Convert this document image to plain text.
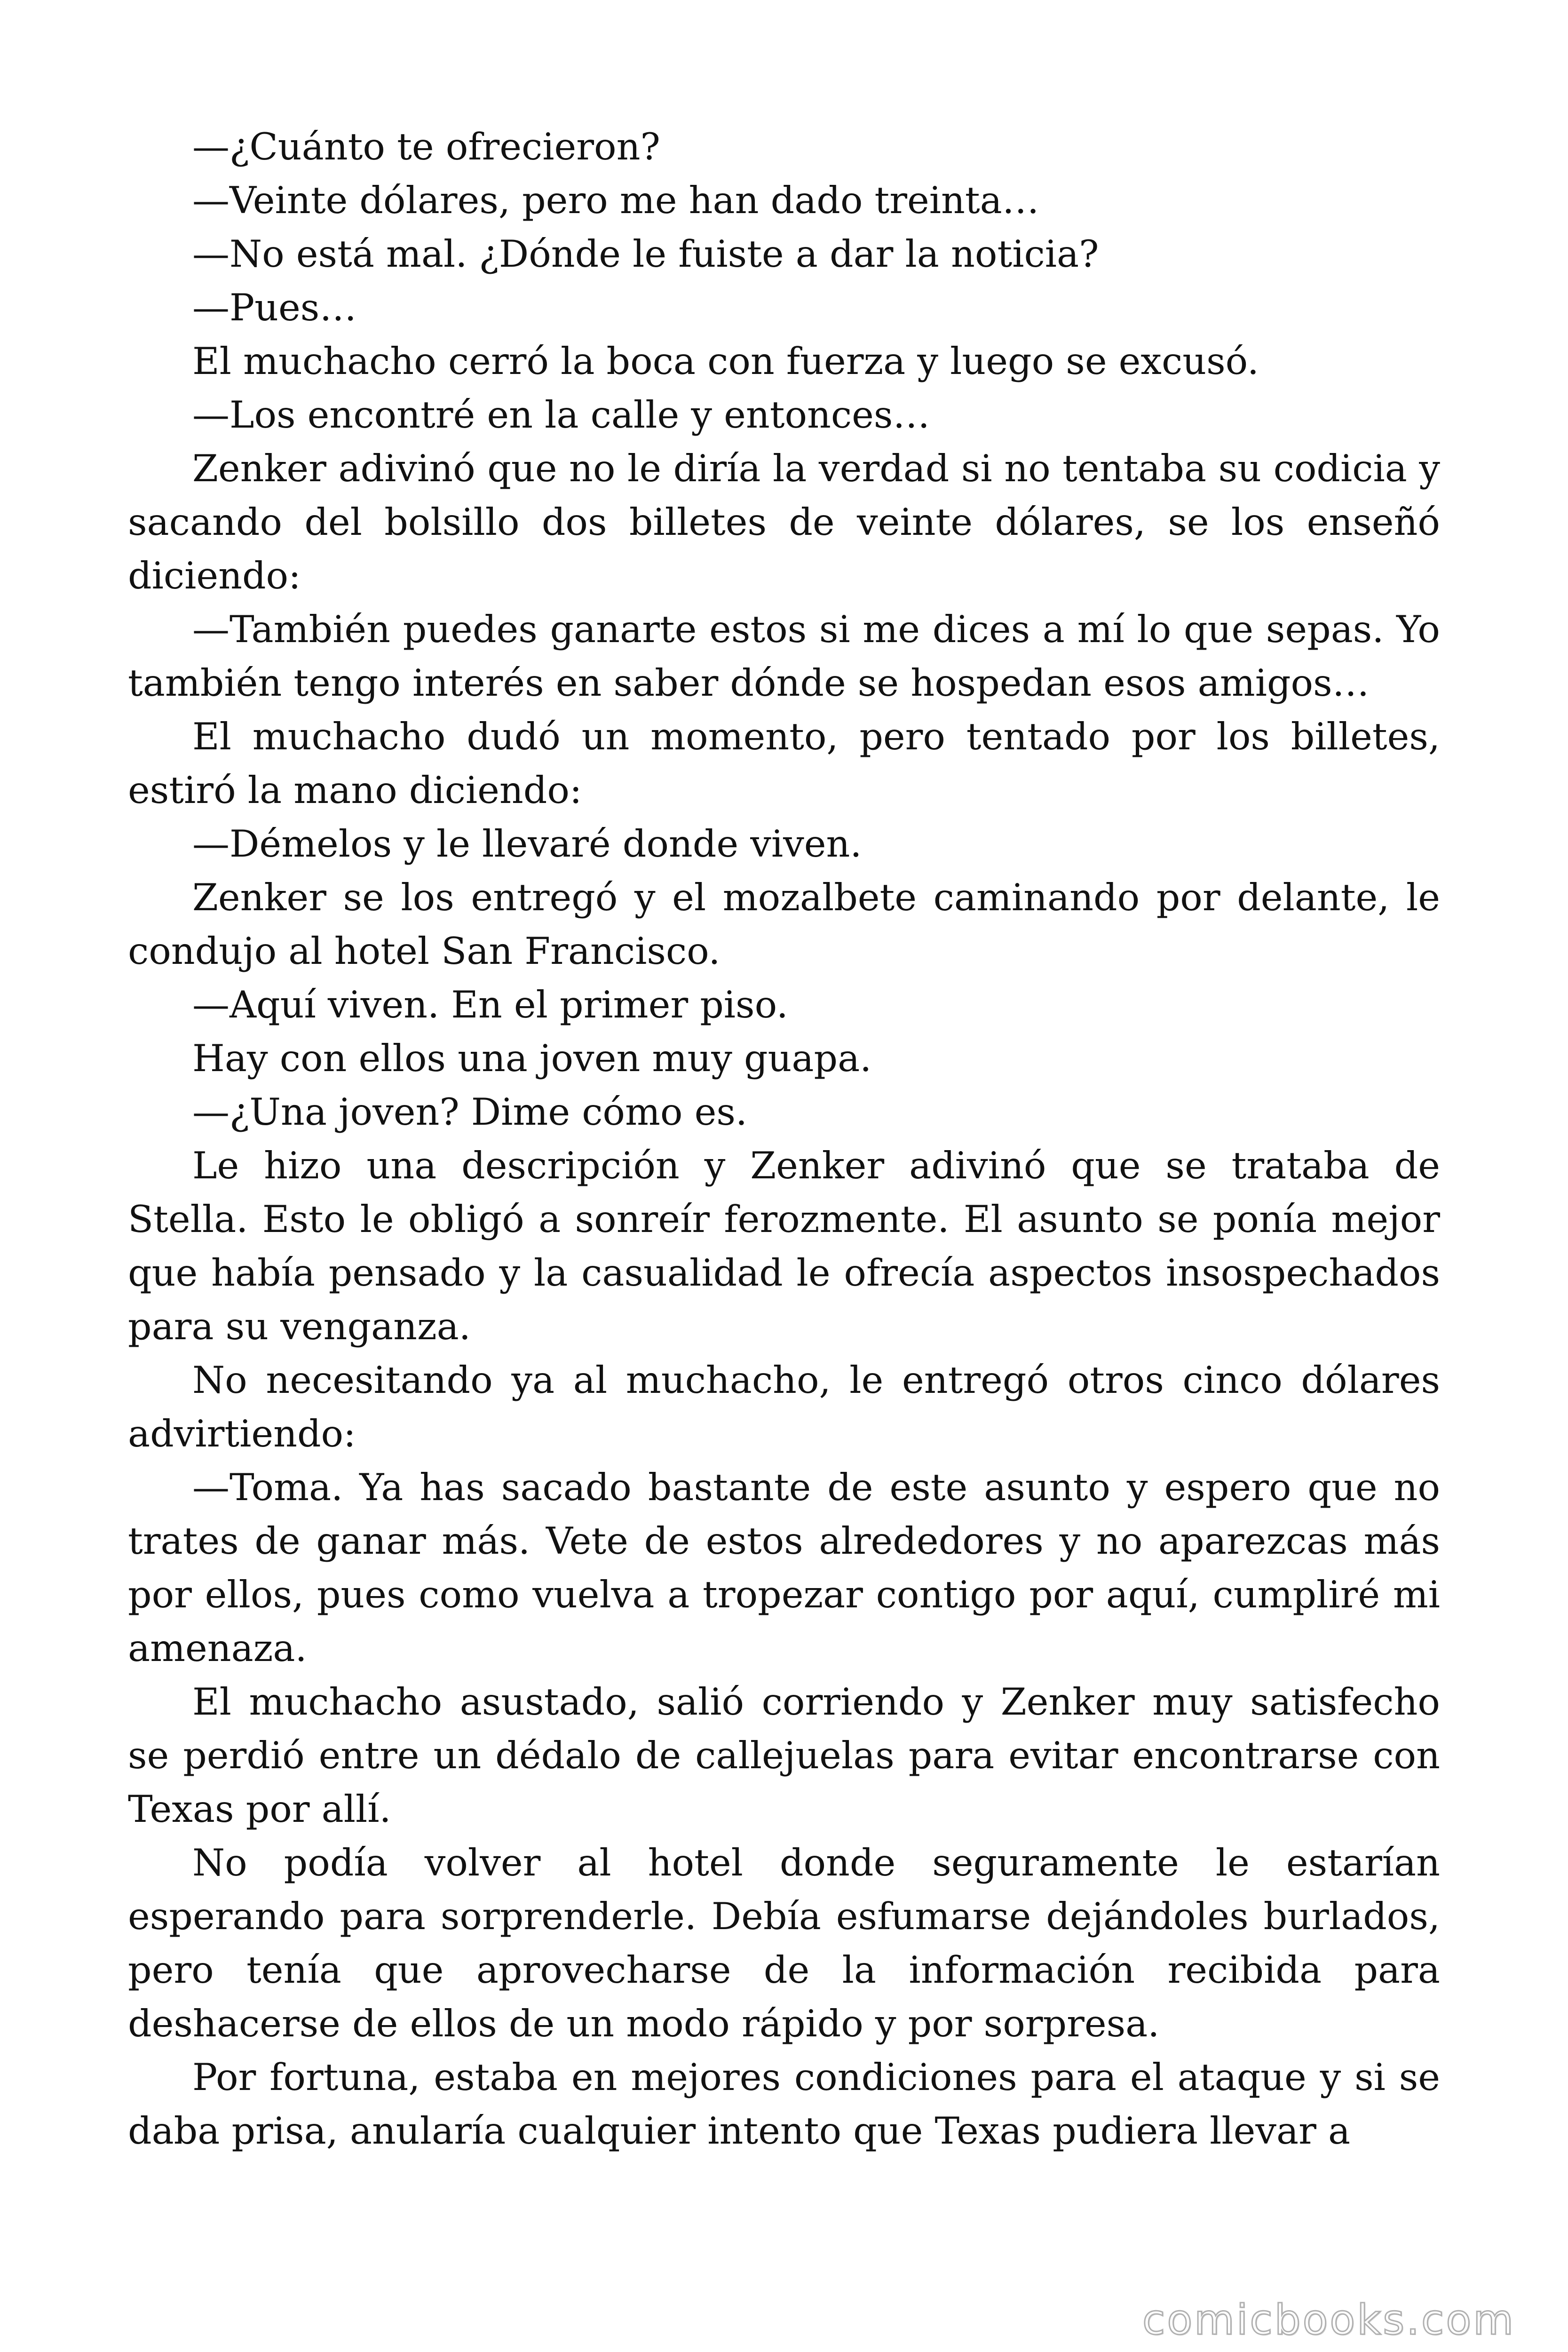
—¿Cuánto te ofrecieron?

—Veinte dólares, pero me han dado treinta…

—No está mal. ¿Dónde le fuiste a dar la noticia?

—Pues…

El muchacho cerró la boca con fuerza y luego se excusó.

—Los encontré en la calle y entonces…

Zenker adivinó que no le diría la verdad si no tentaba su codicia y sacando del bolsillo dos billetes de veinte dólares, se los enseñó diciendo:

—También puedes ganarte estos si me dices a mí lo que sepas. Yo también tengo interés en saber dónde se hospedan esos amigos…

El muchacho dudó un momento, pero tentado por los billetes, estiró la mano diciendo:

—Démelos y le llevaré donde viven.

Zenker se los entregó y el mozalbete caminando por delante, le condujo al hotel San Francisco.

—Aquí viven. En el primer piso.

Hay con ellos una joven muy guapa.

—¿Una joven? Dime cómo es.

Le hizo una descripción y Zenker adivinó que se trataba de Stella. Esto le obligó a sonreír ferozmente. El asunto se ponía mejor que había pensado y la casualidad le ofrecía aspectos insospechados para su venganza.

No necesitando ya al muchacho, le entregó otros cinco dólares advirtiendo:

—Toma. Ya has sacado bastante de este asunto y espero que no trates de ganar más. Vete de estos alrededores y no aparezcas más por ellos, pues como vuelva a tropezar contigo por aquí, cumpliré mi amenaza.

El muchacho asustado, salió corriendo y Zenker muy satisfecho se perdió entre un dédalo de callejuelas para evitar encontrarse con Texas por allí.

No podía volver al hotel donde seguramente le estarían esperando para sorprenderle. Debía esfumarse dejándoles burlados, pero tenía que aprovecharse de la información recibida para deshacerse de ellos de un modo rápido y por sorpresa.

Por fortuna, estaba en mejores condiciones para el ataque y si se daba prisa, anularía cualquier intento que Texas pudiera llevar a

comicbooks.com
